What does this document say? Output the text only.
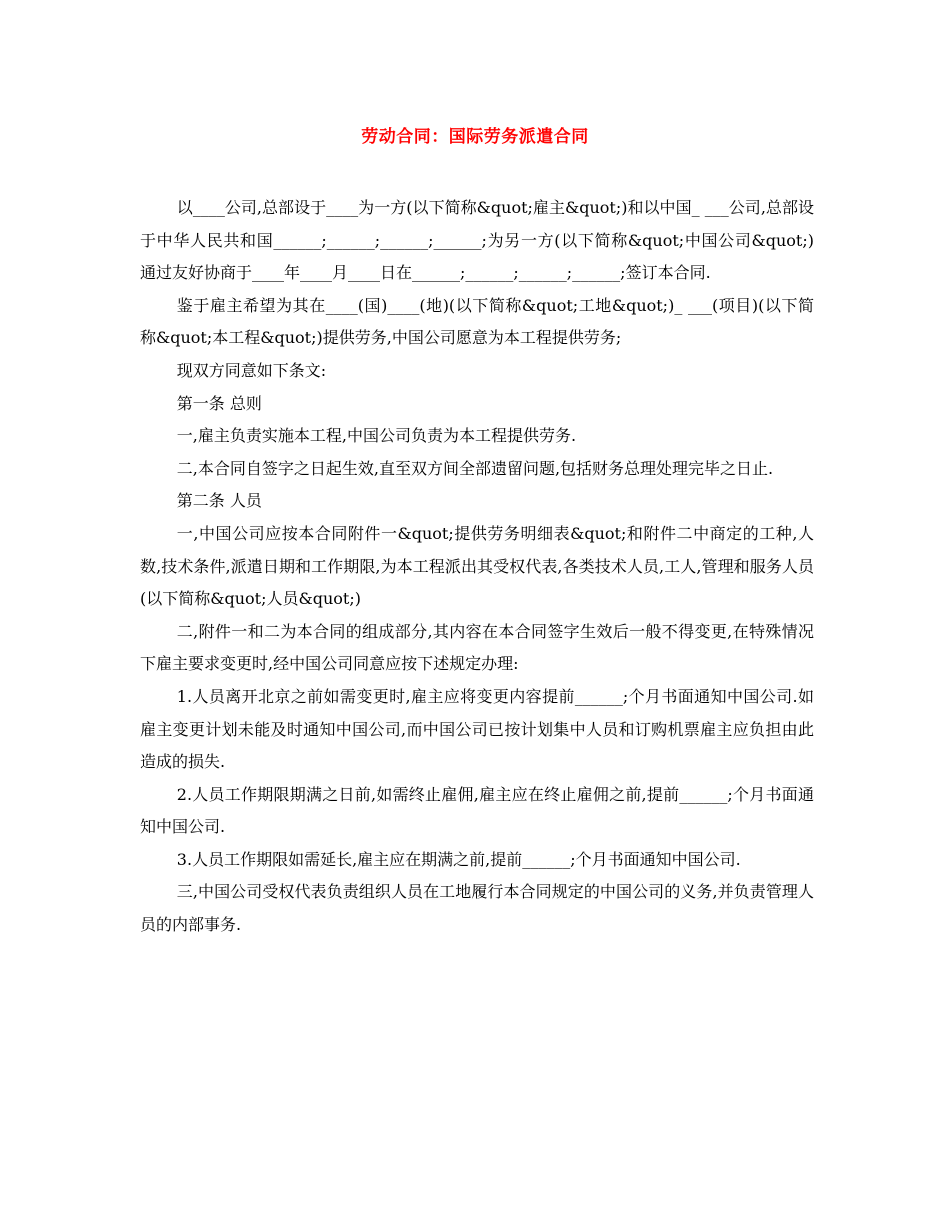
劳动合同：国际劳务派遣合同

以____公司,总部设于____为一方(以下简称&quot;雇主&quot;)和以中国_ ___公司,总部设于中华人民共和国______;______;______;______;为另一方(以下简称&quot;中国公司&quot;)通过友好协商于____年____月____日在______;______;______;______;签订本合同.

鉴于雇主希望为其在____(国)____(地)(以下简称&quot;工地&quot;)_ ___(项目)(以下简称&quot;本工程&quot;)提供劳务,中国公司愿意为本工程提供劳务;

现双方同意如下条文:

第一条 总则

一,雇主负责实施本工程,中国公司负责为本工程提供劳务.

二,本合同自签字之日起生效,直至双方间全部遗留问题,包括财务总理处理完毕之日止.

第二条 人员

一,中国公司应按本合同附件一&quot;提供劳务明细表&quot;和附件二中商定的工种,人数,技术条件,派遣日期和工作期限,为本工程派出其受权代表,各类技术人员,工人,管理和服务人员(以下简称&quot;人员&quot;)

二,附件一和二为本合同的组成部分,其内容在本合同签字生效后一般不得变更,在特殊情况下雇主要求变更时,经中国公司同意应按下述规定办理:

1.人员离开北京之前如需变更时,雇主应将变更内容提前______;个月书面通知中国公司.如雇主变更计划未能及时通知中国公司,而中国公司已按计划集中人员和订购机票雇主应负担由此造成的损失.

2.人员工作期限期满之日前,如需终止雇佣,雇主应在终止雇佣之前,提前______;个月书面通知中国公司.

3.人员工作期限如需延长,雇主应在期满之前,提前______;个月书面通知中国公司.

三,中国公司受权代表负责组织人员在工地履行本合同规定的中国公司的义务,并负责管理人员的内部事务.
